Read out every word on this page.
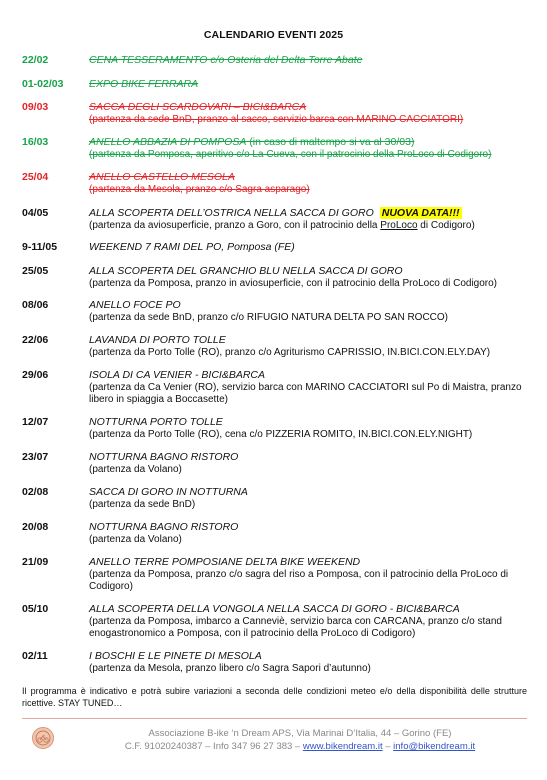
CALENDARIO EVENTI 2025
22/02	CENA TESSERAMENTO c/o Osteria del Delta Torre Abate
01-02/03	EXPO BIKE FERRARA
09/03	SACCA DEGLI SCARDOVARI – BICI&BARCA
(partenza da sede BnD, pranzo al sacco, servizio barca con MARINO CACCIATORI)
16/03	ANELLO ABBAZIA DI POMPOSA (in caso di maltempo si va al 30/03)
(partenza da Pomposa, aperitivo c/o La Cueva, con il patrocinio della ProLoco di Codigoro)
25/04	ANELLO CASTELLO MESOLA
(partenza da Mesola, pranzo c/o Sagra asparago)
04/05	ALLA SCOPERTA DELL’OSTRICA NELLA SACCA DI GORO NUOVA DATA!!!
(partenza da aviosuperficie, pranzo a Goro, con il patrocinio della ProLoco di Codigoro)
9-11/05	WEEKEND 7 RAMI DEL PO, Pomposa (FE)
25/05	ALLA SCOPERTA DEL GRANCHIO BLU NELLA SACCA DI GORO
(partenza da Pomposa, pranzo in aviosuperficie, con il patrocinio della ProLoco di Codigoro)
08/06	ANELLO FOCE PO
(partenza da sede BnD, pranzo c/o RIFUGIO NATURA DELTA PO SAN ROCCO)
22/06	LAVANDA DI PORTO TOLLE
(partenza da Porto Tolle (RO), pranzo c/o Agriturismo CAPRISSIO, IN.BICI.CON.ELY.DAY)
29/06	ISOLA DI CA VENIER - BICI&BARCA
(partenza da Ca Venier (RO), servizio barca con MARINO CACCIATORI sul Po di Maistra, pranzo libero in spiaggia a Boccasette)
12/07	NOTTURNA PORTO TOLLE
(partenza da Porto Tolle (RO), cena c/o PIZZERIA ROMITO, IN.BICI.CON.ELY.NIGHT)
23/07	NOTTURNA BAGNO RISTORO
(partenza da Volano)
02/08	SACCA DI GORO IN NOTTURNA
(partenza da sede BnD)
20/08	NOTTURNA BAGNO RISTORO
(partenza da Volano)
21/09	ANELLO TERRE POMPOSIANE DELTA BIKE WEEKEND
(partenza da Pomposa, pranzo c/o sagra del riso a Pomposa, con il patrocinio della ProLoco di Codigoro)
05/10	ALLA SCOPERTA DELLA VONGOLA NELLA SACCA DI GORO - BICI&BARCA
(partenza da Pomposa, imbarco a Canneviè, servizio barca con CARCANA, pranzo c/o stand enogastronomico a Pomposa, con il patrocinio della ProLoco di Codigoro)
02/11	I BOSCHI E LE PINETE DI MESOLA
(partenza da Mesola, pranzo libero c/o Sagra Sapori d’autunno)
Il programma è indicativo e potrà subire variazioni a seconda delle condizioni meteo e/o della disponibilità delle strutture ricettive. STAY TUNED…
Associazione B-ike ‘n Dream APS, Via Marinai D’Italia, 44 – Gorino (FE)
C.F. 91020240387 – Info 347 96 27 383 – www.bikendream.it – info@bikendream.it
